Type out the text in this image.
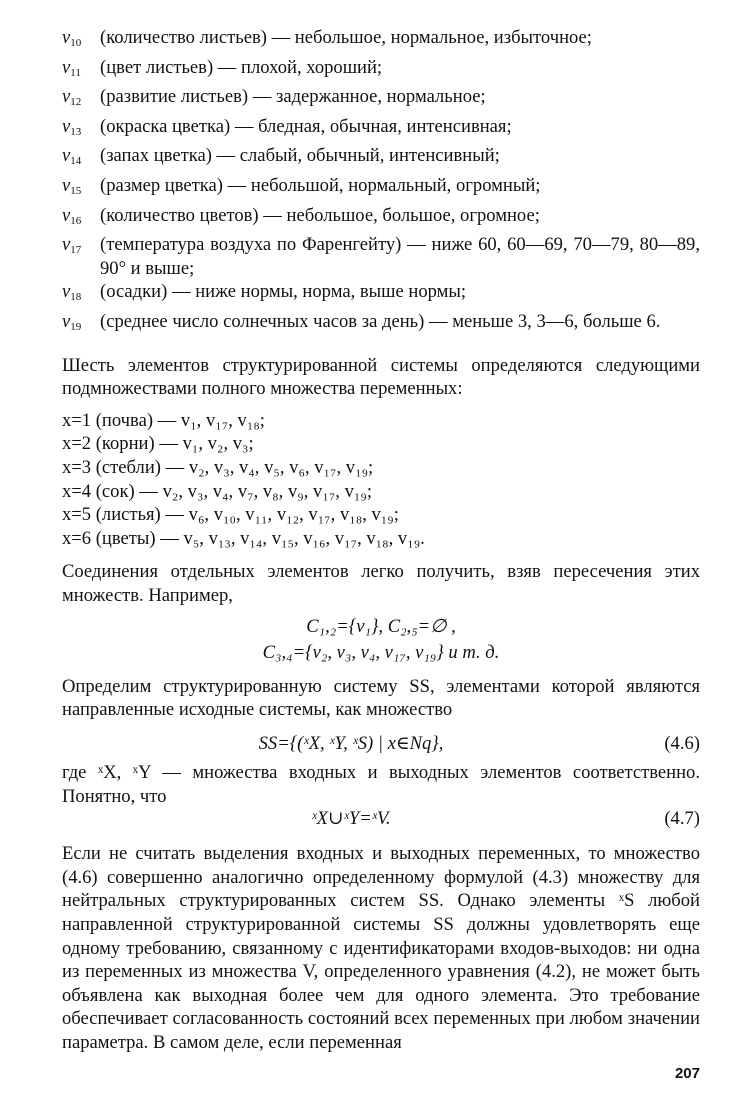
$v_{10}$	(количество листьев) — небольшое, нормальное, избыточное;
$v_{11}$	(цвет листьев) — плохой, хороший;
$v_{12}$	(развитие листьев) — задержанное, нормальное;
$v_{13}$	(окраска цветка) — бледная, обычная, интенсивная;
$v_{14}$	(запах цветка) — слабый, обычный, интенсивный;
$v_{15}$	(размер цветка) — небольшой, нормальный, огромный;
$v_{16}$	(количество цветов) — небольшое, большое, огромное;
$v_{17}$	(температура воздуха по Фаренгейту) — ниже 60, 60—69, 70—79, 80—89, 90° и выше;
$v_{18}$	(осадки) — ниже нормы, норма, выше нормы;
$v_{19}$	(среднее число солнечных часов за день) — меньше 3, 3—6, больше 6.

Шесть элементов структурированной системы определяются следующими подмножествами полного множества переменных:

x=1 (почва) — v₁, v₁₇, v₁₈;
x=2 (корни) — v₁, v₂, v₃;
x=3 (стебли) — v₂, v₃, v₄, v₅, v₆, v₁₇, v₁₉;
x=4 (сок) — v₂, v₃, v₄, v₇, v₈, v₉, v₁₇, v₁₉;
x=5 (листья) — v₆, v₁₀, v₁₁, v₁₂, v₁₇, v₁₈, v₁₉;
x=6 (цветы) — v₅, v₁₃, v₁₄, v₁₅, v₁₆, v₁₇, v₁₈, v₁₉.

Соединения отдельных элементов легко получить, взяв пересечения этих множеств. Например,

C₁,₂={v₁}, C₂,₅=∅ ,
C₃,₄={v₂, v₃, v₄, v₁₇, v₁₉} и т. д.

Определим структурированную систему SS, элементами которой являются направленные исходные системы, как множество

SS={(ˣX, ˣY, ˣS) | x∈Nq},	(4.6)

где ˣX, ˣY — множества входных и выходных элементов соответственно. Понятно, что

ˣX∪ˣY=ˣV.	(4.7)

Если не считать выделения входных и выходных переменных, то множество (4.6) совершенно аналогично определенному формулой (4.3) множеству для нейтральных структурированных систем SS. Однако элементы ˣS любой направленной структурированной системы SS должны удовлетворять еще одному требованию, связанному с идентификаторами входов-выходов: ни одна из переменных из множества V, определенного уравнения (4.2), не может быть объявлена как выходная более чем для одного элемента. Это требование обеспечивает согласованность состояний всех переменных при любом значении параметра. В самом деле, если переменная

207
